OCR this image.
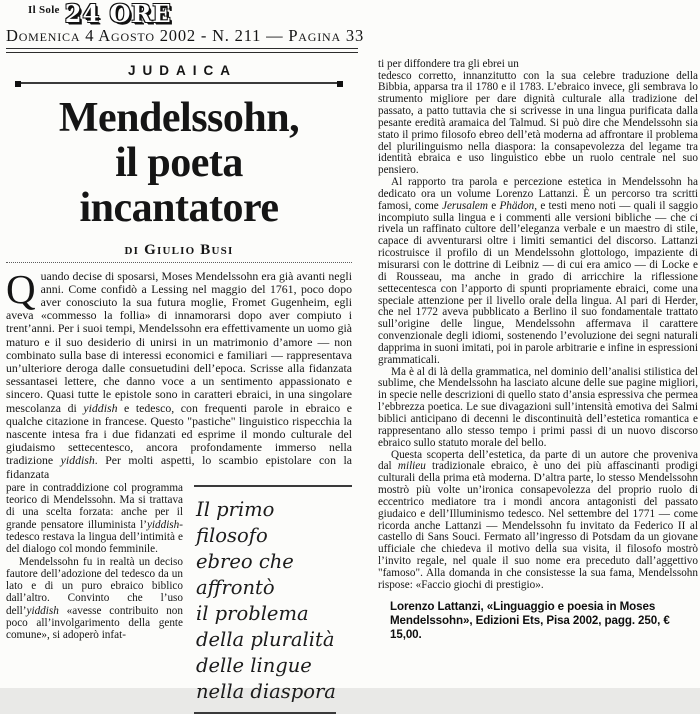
Il Sole 24 ORE
Domenica 4 Agosto 2002 - N. 211 — Pagina 33
JUDAICA
Mendelssohn,
il poeta
incantatore
di Giulio Busi
Quando decise di sposarsi, Moses Mendelssohn era già avanti negli anni. Come confidò a Lessing nel maggio del 1761, poco dopo aver conosciuto la sua futura moglie, Fromet Gugenheim, egli aveva «commesso la follia» di innamorarsi dopo aver compiuto i trent’anni. Per i suoi tempi, Mendelssohn era effettivamente un uomo già maturo e il suo desiderio di unirsi in un matrimonio d’amore — non combinato sulla base di interessi economici e familiari — rappresentava un’ulteriore deroga dalle consuetudini dell’epoca. Scrisse alla fidanzata sessantasei lettere, che danno voce a un sentimento appassionato e sincero. Quasi tutte le epistole sono in caratteri ebraici, in una singolare mescolanza di yiddish e tedesco, con frequenti parole in ebraico e qualche citazione in francese. Questo "pastiche" linguistico rispecchia la nascente intesa fra i due fidanzati ed esprime il mondo culturale del giudaismo settecentesco, ancora profondamente immerso nella tradizione yiddish. Per molti aspetti, lo scambio epistolare con la fidanzata

pare in contraddizione col programma teorico di Mendelssohn. Ma si trattava di una scelta forzata: anche per il grande pensatore illuminista l’yiddish-tedesco restava la lingua dell’intimità e del dialogo col mondo femminile.

Mendelssohn fu in realtà un deciso fautore dell’adozione del tedesco da un lato e di un puro ebraico biblico dall’altro. Convinto che l’uso dell’yiddish «avesse contribuito non poco all’involgarimento della gente comune», si adoperò infat-

Il primo filosofo
ebreo che affrontò
il problema
della pluralità
delle lingue
nella diaspora
ti per diffondere tra gli ebrei un

tedesco corretto, innanzitutto con la sua celebre traduzione della Bibbia, apparsa tra il 1780 e il 1783. L’ebraico invece, gli sembrava lo strumento migliore per dare dignità culturale alla tradizione del passato, a patto tuttavia che si scrivesse in una lingua purificata dalla pesante eredità aramaica del Talmud. Si può dire che Mendelssohn sia stato il primo filosofo ebreo dell’età moderna ad affrontare il problema del plurilinguismo nella diaspora: la consapevolezza del legame tra identità ebraica e uso linguistico ebbe un ruolo centrale nel suo pensiero.

Al rapporto tra parola e percezione estetica in Mendelssohn ha dedicato ora un volume Lorenzo Lattanzi. È un percorso tra scritti famosi, come Jerusalem e Phädon, e testi meno noti — quali il saggio incompiuto sulla lingua e i commenti alle versioni bibliche — che ci rivela un raffinato cultore dell’eleganza verbale e un maestro di stile, capace di avventurarsi oltre i limiti semantici del discorso. Lattanzi ricostruisce il profilo di un Mendelssohn glottologo, impaziente di misurarsi con le dottrine di Leibniz — di cui era amico — di Locke e di Rousseau, ma anche in grado di arricchire la riflessione settecentesca con l’apporto di spunti propriamente ebraici, come una speciale attenzione per il livello orale della lingua. Al pari di Herder, che nel 1772 aveva pubblicato a Berlino il suo fondamentale trattato sull’origine delle lingue, Mendelssohn affermava il carattere convenzionale degli idiomi, sostenendo l’evoluzione dei segni naturali dapprima in suoni imitati, poi in parole arbitrarie e infine in espressioni grammaticali.

Ma è al di là della grammatica, nel dominio dell’analisi stilistica del sublime, che Mendelssohn ha lasciato alcune delle sue pagine migliori, in specie nelle descrizioni di quello stato d’ansia espressiva che permea l’ebbrezza poetica. Le sue divagazioni sull’intensità emotiva dei Salmi biblici anticipano di decenni le discontinuità dell’estetica romantica e rappresentano allo stesso tempo i primi passi di un nuovo discorso ebraico sullo statuto morale del bello.

Questa scoperta dell’estetica, da parte di un autore che proveniva dal milieu tradizionale ebraico, è uno dei più affascinanti prodigi culturali della prima età moderna. D’altra parte, lo stesso Mendelssohn mostrò più volte un’ironica consapevolezza del proprio ruolo di eccentrico mediatore tra i mondi ancora antagonisti del passato giudaico e dell’Illuminismo tedesco. Nel settembre del 1771 — come ricorda anche Lattanzi — Mendelssohn fu invitato da Federico II al castello di Sans Souci. Fermato all’ingresso di Potsdam da un giovane ufficiale che chiedeva il motivo della sua visita, il filosofo mostrò l’invito regale, nel quale il suo nome era preceduto dall’aggettivo "famoso". Alla domanda in che consistesse la sua fama, Mendelssohn rispose: «Faccio giochi di prestigio».

Lorenzo Lattanzi, «Linguaggio e poesia in Moses Mendelssohn», Edizioni Ets, Pisa 2002, pagg. 250, € 15,00.
